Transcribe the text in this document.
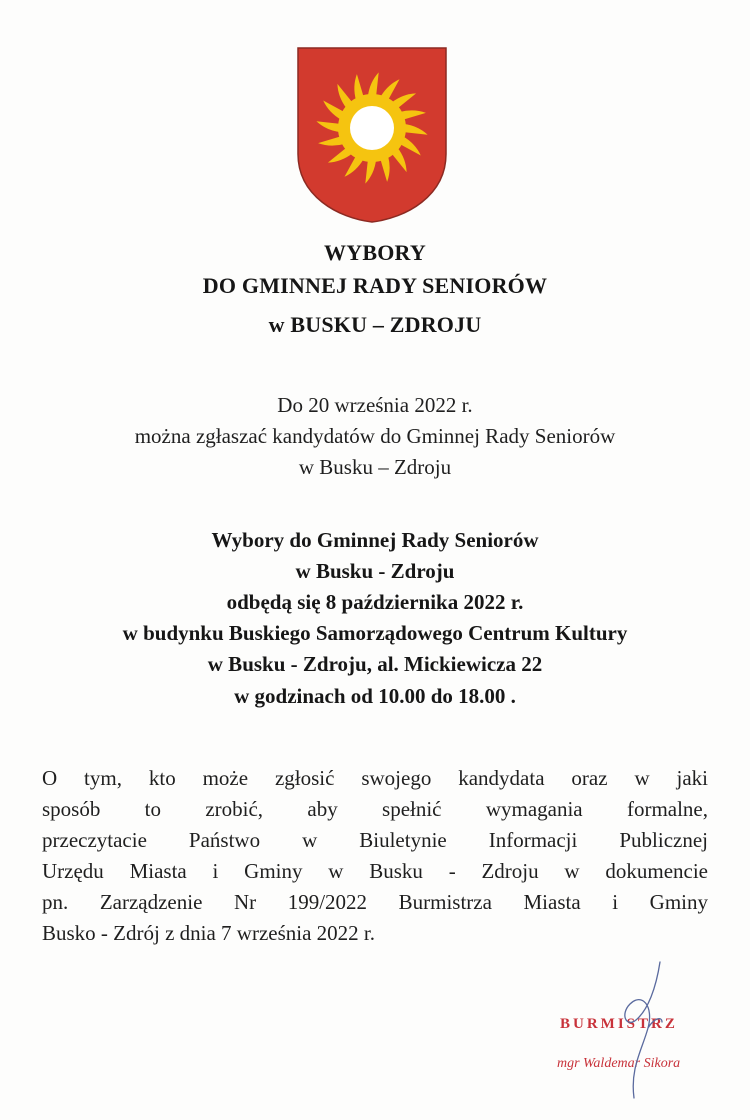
WYBORY
DO GMINNEJ RADY SENIORÓW
w BUSKU – ZDROJU
Do 20 września 2022 r.
można zgłaszać kandydatów do Gminnej Rady Seniorów
w Busku – Zdroju
Wybory do Gminnej Rady Seniorów
w Busku - Zdroju
odbędą się 8 października 2022 r.
w budynku Buskiego Samorządowego Centrum Kultury
w Busku - Zdroju, al. Mickiewicza 22
w godzinach od 10.00 do 18.00 .
O tym, kto może zgłosić swojego kandydata oraz w jaki
sposób to zrobić, aby spełnić wymagania formalne,
przeczytacie Państwo w Biuletynie Informacji Publicznej
Urzędu Miasta i Gminy w Busku - Zdroju w dokumencie
pn. Zarządzenie Nr 199/2022 Burmistrza Miasta i Gminy
Busko - Zdrój z dnia 7 września 2022 r.
BURMISTRZ
mgr Waldemar Sikora
